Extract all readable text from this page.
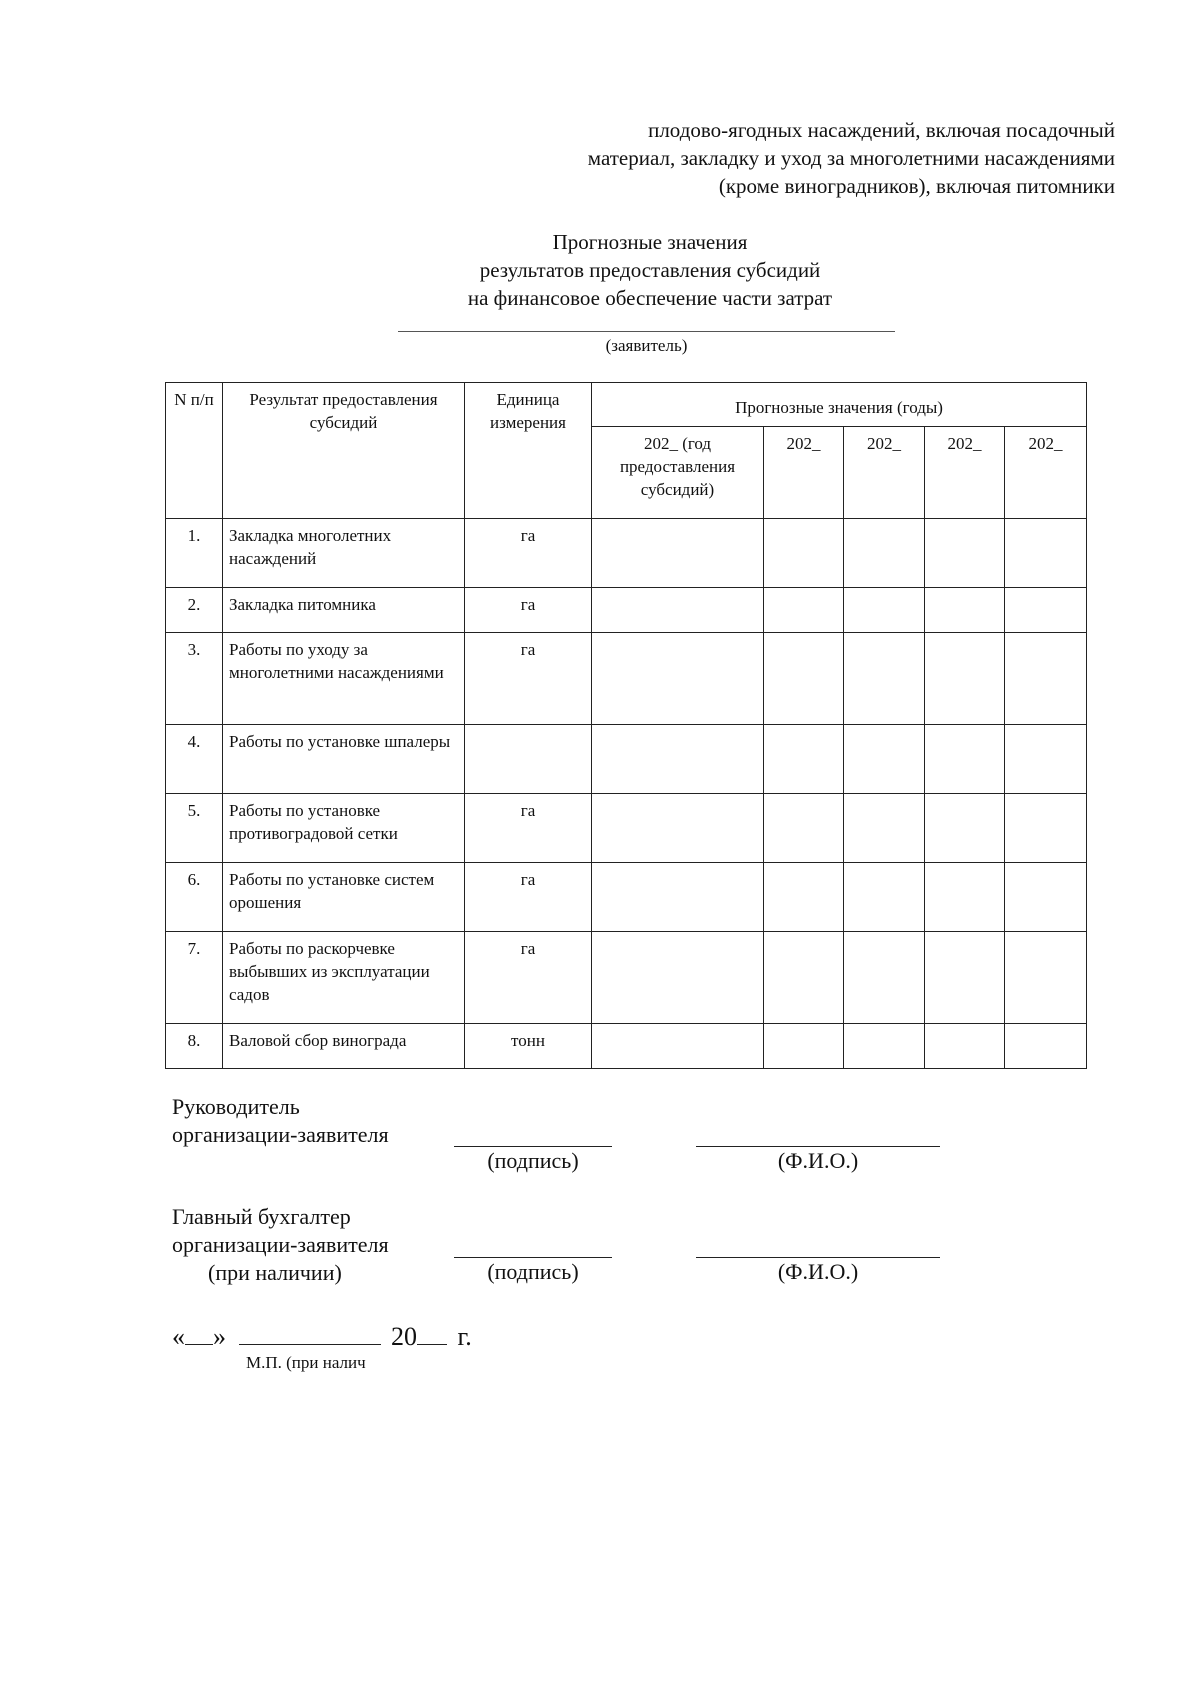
плодово-ягодных насаждений, включая посадочный
материал, закладку и уход за многолетними насаждениями
(кроме виноградников), включая питомники
Прогнозные значения
результатов предоставления субсидий
на финансовое обеспечение части затрат
(заявитель)
N п/п	Результат предоставления субсидий	Единица измерения	Прогнозные значения (годы)				
			202_ (год предоставления субсидий)	202_	202_	202_	202_
1.	Закладка многолетних насаждений	га					
2.	Закладка питомника	га					
3.	Работы по уходу за многолетними насаждениями	га					
4.	Работы по установке шпалеры						
5.	Работы по установке противоградовой сетки	га					
6.	Работы по установке систем орошения	га					
7.	Работы по раскорчевке выбывших из эксплуатации садов	га					
8.	Валовой сбор винограда	тонн					
Руководитель
организации-заявителя
(подпись)	(Ф.И.О.)
Главный бухгалтер
организации-заявителя
(при наличии)	(подпись)	(Ф.И.О.)
« »	20 г.
М.П. (при налич
